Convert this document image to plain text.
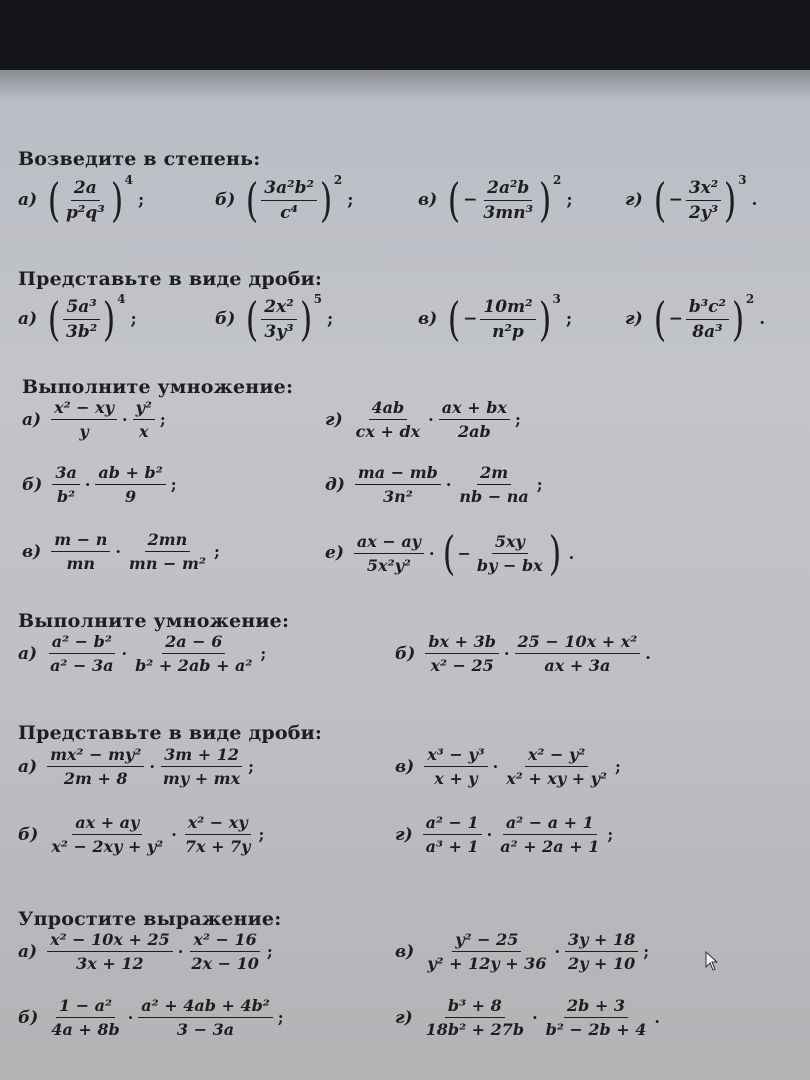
Возведите в степень:
а) ( $\frac{2a}{\text{p²q³}}$ ) 4
;	б) ( $\frac{\text{3a²b²}}{\text{c⁴}}$ ) 2
;	в) ( − $\frac{\text{2a²b}}{\text{3mn³}}$ ) 2
;	г) ( − $\frac{\text{3x²}}{\text{2y³}}$ ) 3
.
Представьте в виде дроби:
а) ( $\frac{\text{5a³}}{\text{3b²}}$ ) 4
;	б) ( $\frac{\text{2x²}}{\text{3y³}}$ ) 5
;	в) ( − $\frac{\text{10m²}}{\text{n²p}}$ ) 3
;	г) ( − $\frac{\text{b³c²}}{\text{8a³}}$ ) 2
.
Выполните умножение:
$а) \frac{\text{x² − xy}}{y} \cdot \frac{\text{y²}}{x}$ ;
$б) \frac{3a}{\text{b²}} \cdot \frac{\text{ab + b²}}{9}$ ;
$в) \frac{m - n}{mn} \cdot \frac{2mn}{\text{mn − m²}}$ ;
$г) \frac{4ab}{cx + dx} \cdot \frac{ax + bx}{2ab}$ ;
$д) \frac{ma - mb}{\text{3n²}} \cdot \frac{2m}{nb - na}$ ;
$е) \frac{ax - ay}{\text{5x²y²}}$ · ( − $\frac{5xy}{by - bx}$ ) .
Выполните умножение:
$а) \frac{\text{a² − b²}}{\text{a² − 3a}} \cdot \frac{2a - 6}{\text{b² + 2ab + a²}}$ ;	$б) \frac{bx + 3b}{\text{x² − 25}} \cdot \frac{\text{25 − 10x + x²}}{ax + 3a}$ .
Представьте в виде дроби:
$а) \frac{\text{mx² − my²}}{2m + 8} \cdot \frac{3m + 12}{my + mx}$ ;
$б) \frac{ax + ay}{\text{x² − 2xy + y²}} \cdot \frac{\text{x² − xy}}{7x + 7y}$ ;
$в) \frac{\text{x³ − y³}}{x + y} \cdot \frac{\text{x² − y²}}{\text{x² + xy + y²}}$ ;
$г) \frac{\text{a² − 1}}{\text{a³ + 1}} \cdot \frac{\text{a² − a + 1}}{\text{a² + 2a + 1}}$ ;
Упростите выражение:
$а) \frac{\text{x² − 10x + 25}}{3x + 12} \cdot \frac{\text{x² − 16}}{2x - 10}$ ;
$б) \frac{\text{1 − a²}}{4a + 8b} \cdot \frac{\text{a² + 4ab + 4b²}}{3 - 3a}$ ;
$в) \frac{\text{y² − 25}}{\text{y² + 12y + 36}} \cdot \frac{3y + 18}{2y + 10}$ ;
$г) \frac{\text{b³ + 8}}{\text{18b² + 27b}} \cdot \frac{2b + 3}{\text{b² − 2b + 4}}$ .
